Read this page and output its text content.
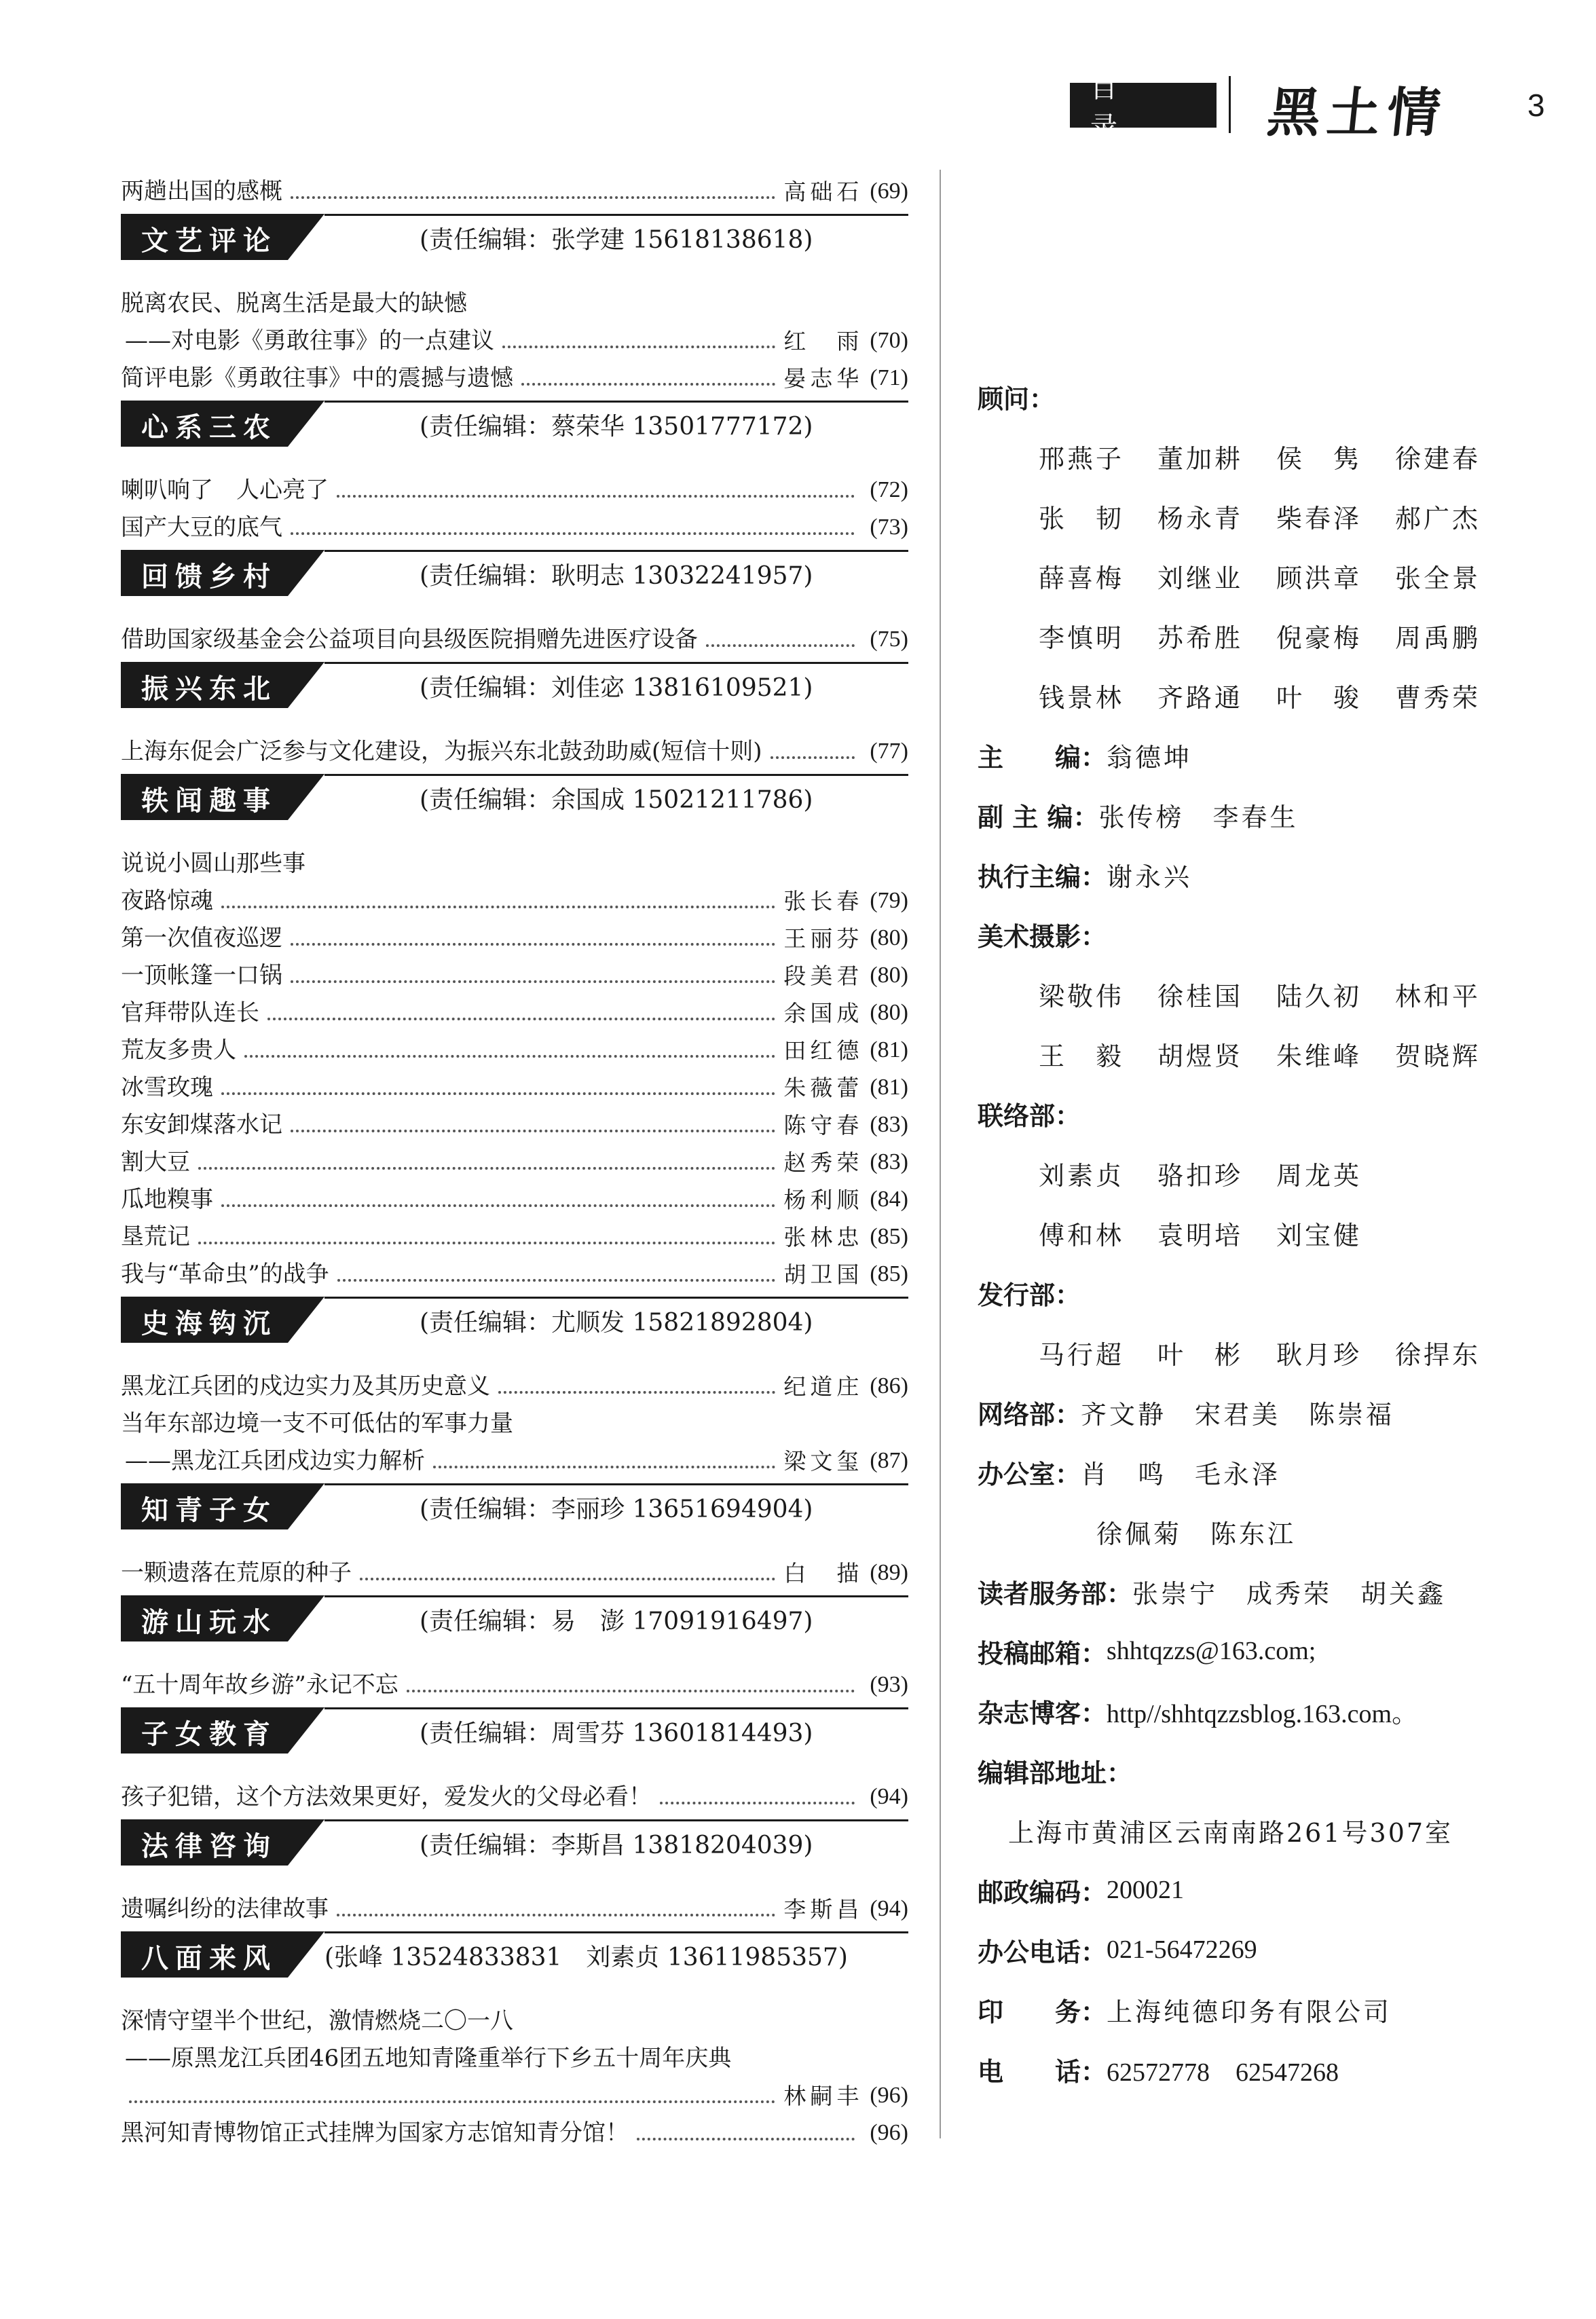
目 录	黑土情 3
两趟出国的感概	高础石 (69)
文艺评论	(责任编辑：张学建 15618138618)
脱离农民、脱离生活是最大的缺憾
——对电影《勇敢往事》的一点建议	红　雨 (70)
简评电影《勇敢往事》中的震撼与遗憾	晏志华 (71)
心系三农	(责任编辑：蔡荣华 13501777172)
喇叭响了　人心亮了	(72)
国产大豆的底气	(73)
回馈乡村	(责任编辑：耿明志 13032241957)
借助国家级基金会公益项目向县级医院捐赠先进医疗设备	(75)
振兴东北	(责任编辑：刘佳宓 13816109521)
上海东促会广泛参与文化建设，为振兴东北鼓劲助威(短信十则)	(77)
轶闻趣事	(责任编辑：余国成 15021211786)
说说小圆山那些事
夜路惊魂	张长春 (79)
第一次值夜巡逻	王丽芬 (80)
一顶帐篷一口锅	段美君 (80)
官拜带队连长	余国成 (80)
荒友多贵人	田红德 (81)
冰雪玫瑰	朱薇蕾 (81)
东安卸煤落水记	陈守春 (83)
割大豆	赵秀荣 (83)
瓜地糗事	杨利顺 (84)
垦荒记	张林忠 (85)
我与“革命虫”的战争	胡卫国 (85)
史海钩沉	(责任编辑：尤顺发 15821892804)
黑龙江兵团的戍边实力及其历史意义	纪道庄 (86)
当年东部边境一支不可低估的军事力量
——黑龙江兵团戍边实力解析	梁文玺 (87)
知青子女	(责任编辑：李丽珍 13651694904)
一颗遗落在荒原的种子	白　描 (89)
游山玩水	(责任编辑：易　澎 17091916497)
“五十周年故乡游”永记不忘	(93)
子女教育	(责任编辑：周雪芬 13601814493)
孩子犯错，这个方法效果更好，爱发火的父母必看！	(94)
法律咨询	(责任编辑：李斯昌 13818204039)
遗嘱纠纷的法律故事	李斯昌 (94)
八面来风 (张峰 13524833831　刘素贞 13611985357)
深情守望半个世纪，激情燃烧二〇一八
——原黑龙江兵团46团五地知青隆重举行下乡五十周年庆典
林嗣丰 (96)
黑河知青博物馆正式挂牌为国家方志馆知青分馆！	(96)
顾问：
邢燕子	董加耕	侯　隽	徐建春
张　韧	杨永青	柴春泽	郝广杰
薛喜梅	刘继业	顾洪章	张全景
李慎明	苏希胜	倪豪梅	周禹鹏
钱景林	齐路通	叶　骏	曹秀荣
主　　编： 翁德坤
副 主 编： 张传榜　李春生
执行主编： 谢永兴
美术摄影：
梁敬伟	徐桂国	陆久初	林和平
王　毅	胡煜贤	朱维峰	贺晓辉
联络部：
刘素贞	骆扣珍	周龙英
傅和林	袁明培	刘宝健
发行部：
马行超	叶　彬	耿月珍	徐捍东
网络部： 齐文静　宋君美　陈崇福
办公室： 肖　鸣　毛永泽
徐佩菊　陈东江
读者服务部： 张崇宁　成秀荣　胡关鑫
投稿邮箱： shhtqzzs@163.com;
杂志博客： http//shhtqzzsblog.163.com。
编辑部地址：
上海市黄浦区云南南路261号307室
邮政编码： 200021
办公电话： 021-56472269
印　　务： 上海纯德印务有限公司
电　　话： 62572778　62547268
